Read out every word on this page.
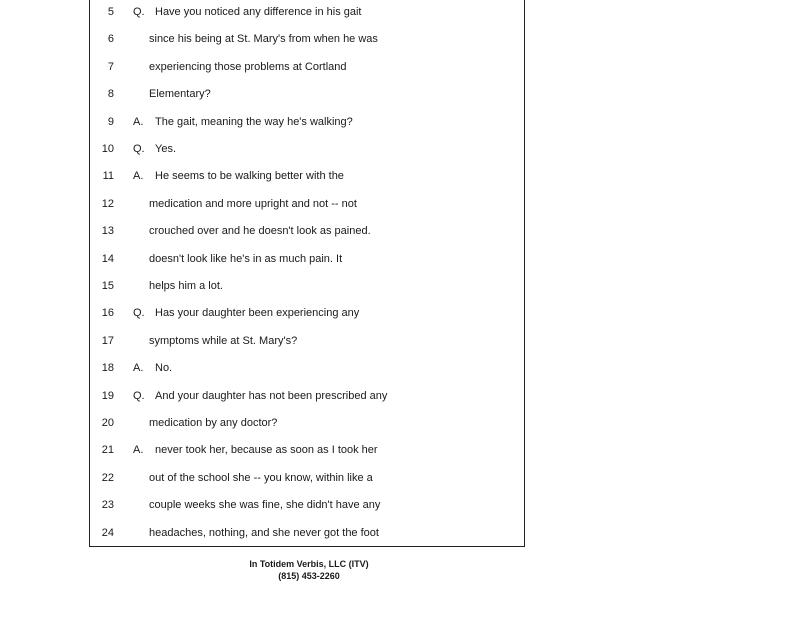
5 Q. Have you noticed any difference in his gait
6	since his being at St. Mary's from when he was
7	experiencing those problems at Cortland
8	Elementary?
9 A. The gait, meaning the way he's walking?
10 Q. Yes.
11 A. He seems to be walking better with the
12	medication and more upright and not -- not
13	crouched over and he doesn't look as pained.
14	doesn't look like he's in as much pain. It
15	helps him a lot.
16 Q. Has your daughter been experiencing any
17	symptoms while at St. Mary's?
18 A. No.
19 Q. And your daughter has not been prescribed any
20	medication by any doctor?
21 A. never took her, because as soon as I took her
22	out of the school she -- you know, within like a
23	couple weeks she was fine, she didn't have any
24	headaches, nothing, and she never got the foot
In Totidem Verbis, LLC (ITV)
(815) 453-2260
